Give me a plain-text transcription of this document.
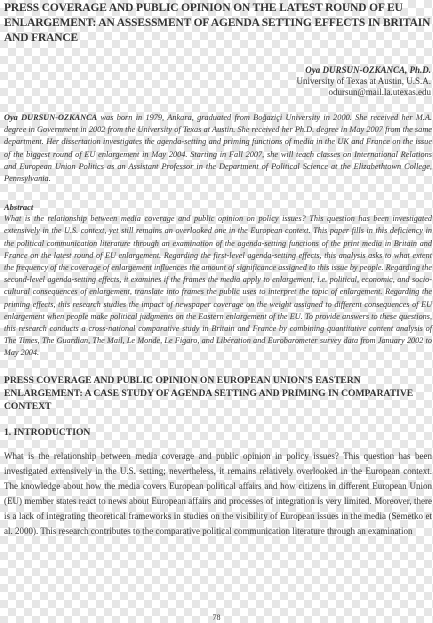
PRESS COVERAGE AND PUBLIC OPINION ON THE LATEST ROUND OF EU ENLARGEMENT: AN ASSESSMENT OF AGENDA SETTING EFFECTS IN BRITAIN AND FRANCE
Oya DURSUN-OZKANCA, Ph.D.
University of Texas at Austin, U.S.A.
odursun@mail.la.utexas.edu

Oya DURSUN-OZKANCA was born in 1979, Ankara, graduated from Boğaziçi University in 2000. She received her M.A. degree in Government in 2002 from the University of Texas at Austin. She received her Ph.D. degree in May 2007 from the same department. Her dissertation investigates the agenda-setting and priming functions of media in the UK and France on the issue of the biggest round of EU enlargement in May 2004. Starting in Fall 2007, she will teach classes on International Relations and European Union Politics as an Assistant Professor in the Department of Political Science at the Elizabethtown College, Pennsylvania.

Abstract

What is the relationship between media coverage and public opinion on policy issues? This question has been investigated extensively in the U.S. context, yet still remains an overlooked one in the European context. This paper fills in this deficiency in the political communication literature through an examination of the agenda-setting functions of the print media in Britain and France on the latest round of EU enlargement. Regarding the first-level agenda-setting effects, this analysis asks to what extent the frequency of the coverage of enlargement influences the amount of significance assigned to this issue by people. Regarding the second-level agenda-setting effects, it examines if the frames the media apply to enlargement, i.e. political, economic, and socio-cultural consequences of enlargement, translate into frames the public uses to interpret the topic of enlargement. Regarding the priming effects, this research studies the impact of newspaper coverage on the weight assigned to different consequences of EU enlargement when people make political judgments on the Eastern enlargement of the EU. To provide answers to these questions, this research conducts a cross-national comparative study in Britain and France by combining quantitative content analysis of The Times, The Guardian, The Mail, Le Monde, Le Figaro, and Libération and Eurobarometer survey data from January 2002 to May 2004.

PRESS COVERAGE AND PUBLIC OPINION ON EUROPEAN UNION'S EASTERN ENLARGEMENT: A CASE STUDY OF AGENDA SETTING AND PRIMING IN COMPARATIVE CONTEXT
1. INTRODUCTION

What is the relationship between media coverage and public opinion in policy issues? This question has been investigated extensively in the U.S. setting; nevertheless, it remains relatively overlooked in the European context. The knowledge about how the media covers European political affairs and how citizens in different European Union (EU) member states react to news about European affairs and processes of integration is very limited. Moreover, there is a lack of integrating theoretical frameworks in studies on the visibility of European issues in the media (Semetko et al. 2000). This research contributes to the comparative political communication literature through an examination

78
